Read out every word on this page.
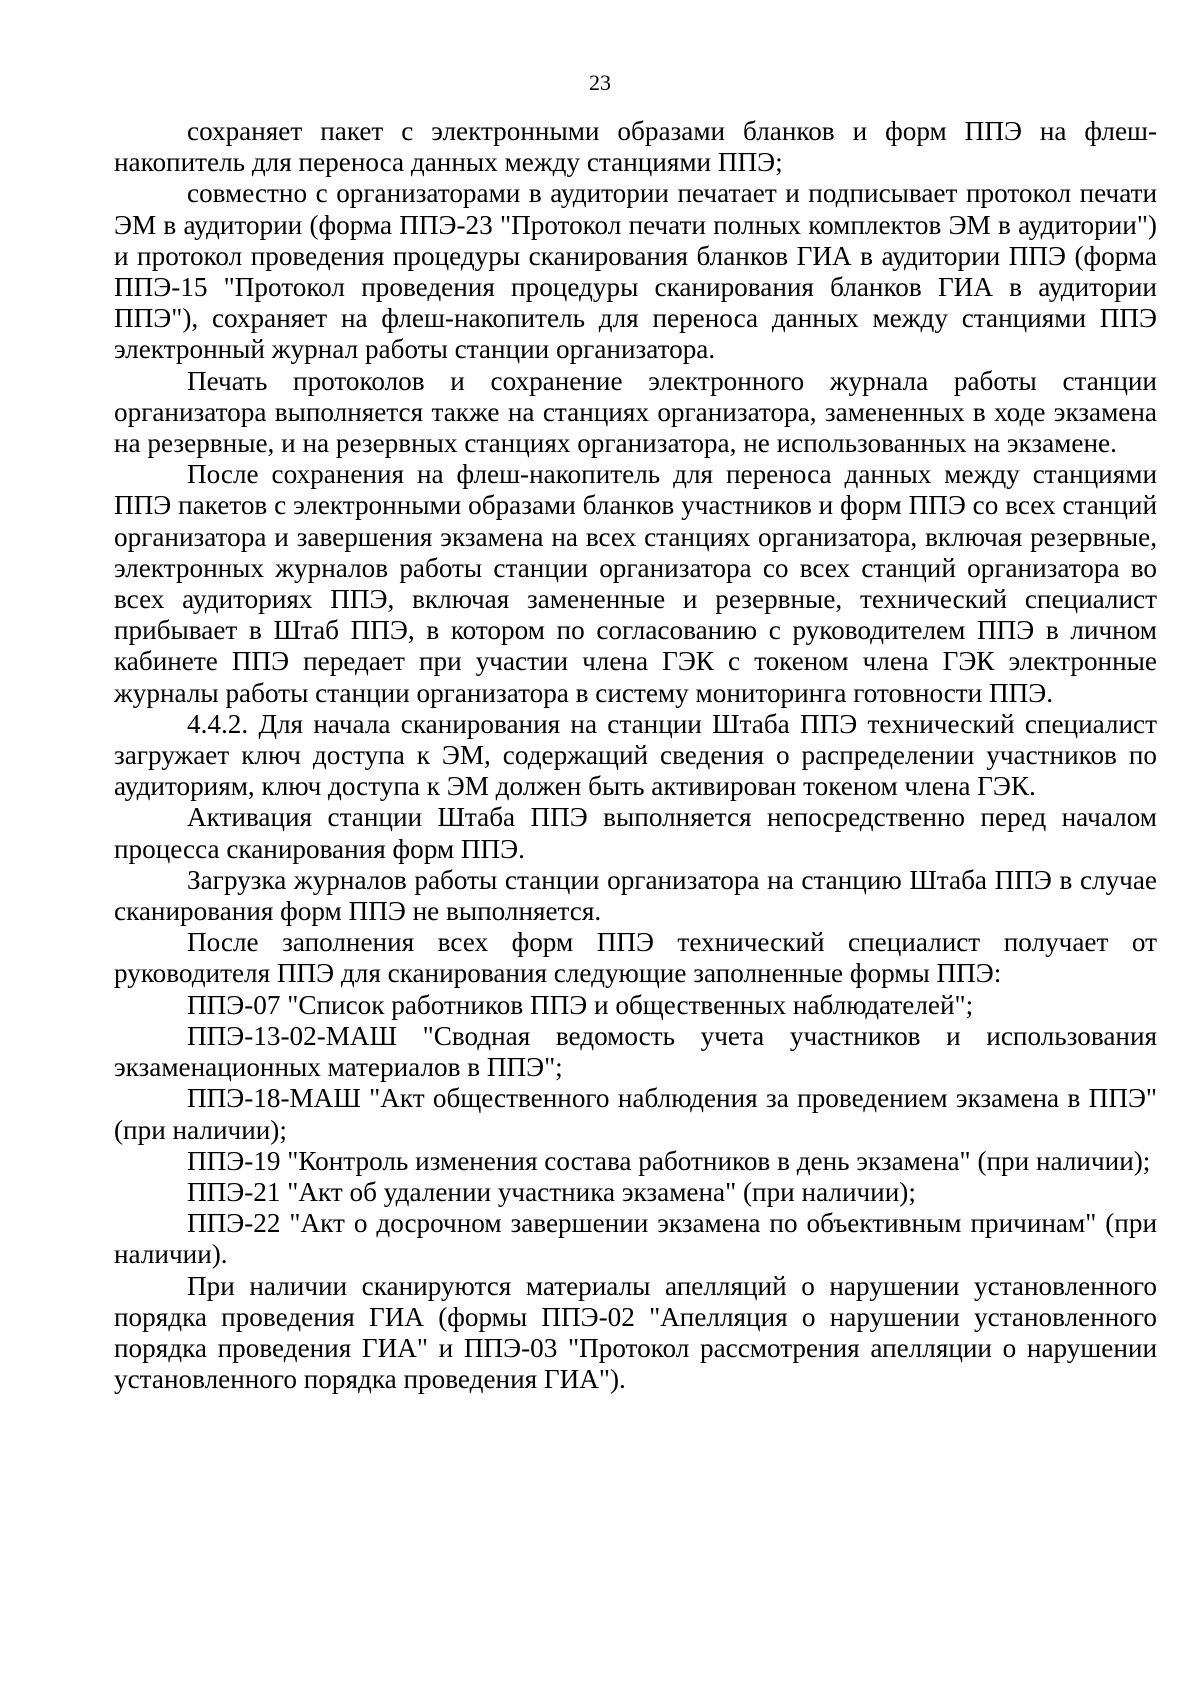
23

сохраняет пакет с электронными образами бланков и форм ППЭ на флеш-накопитель для переноса данных между станциями ППЭ;

совместно с организаторами в аудитории печатает и подписывает протокол печати ЭМ в аудитории (форма ППЭ-23 "Протокол печати полных комплектов ЭМ в аудитории") и протокол проведения процедуры сканирования бланков ГИА в аудитории ППЭ (форма ППЭ-15 "Протокол проведения процедуры сканирования бланков ГИА в аудитории ППЭ"), сохраняет на флеш-накопитель для переноса данных между станциями ППЭ электронный журнал работы станции организатора.

Печать протоколов и сохранение электронного журнала работы станции организатора выполняется также на станциях организатора, замененных в ходе экзамена на резервные, и на резервных станциях организатора, не использованных на экзамене.

После сохранения на флеш-накопитель для переноса данных между станциями ППЭ пакетов с электронными образами бланков участников и форм ППЭ со всех станций организатора и завершения экзамена на всех станциях организатора, включая резервные, электронных журналов работы станции организатора со всех станций организатора во всех аудиториях ППЭ, включая замененные и резервные, технический специалист прибывает в Штаб ППЭ, в котором по согласованию с руководителем ППЭ в личном кабинете ППЭ передает при участии члена ГЭК с токеном члена ГЭК электронные журналы работы станции организатора в систему мониторинга готовности ППЭ.

4.4.2. Для начала сканирования на станции Штаба ППЭ технический специалист загружает ключ доступа к ЭМ, содержащий сведения о распределении участников по аудиториям, ключ доступа к ЭМ должен быть активирован токеном члена ГЭК.

Активация станции Штаба ППЭ выполняется непосредственно перед началом процесса сканирования форм ППЭ.

Загрузка журналов работы станции организатора на станцию Штаба ППЭ в случае сканирования форм ППЭ не выполняется.

После заполнения всех форм ППЭ технический специалист получает от руководителя ППЭ для сканирования следующие заполненные формы ППЭ:

ППЭ-07 "Список работников ППЭ и общественных наблюдателей";

ППЭ-13-02-МАШ "Сводная ведомость учета участников и использования экзаменационных материалов в ППЭ";

ППЭ-18-МАШ "Акт общественного наблюдения за проведением экзамена в ППЭ" (при наличии);

ППЭ-19 "Контроль изменения состава работников в день экзамена" (при наличии);

ППЭ-21 "Акт об удалении участника экзамена" (при наличии);

ППЭ-22 "Акт о досрочном завершении экзамена по объективным причинам" (при наличии).

При наличии сканируются материалы апелляций о нарушении установленного порядка проведения ГИА (формы ППЭ-02 "Апелляция о нарушении установленного порядка проведения ГИА" и ППЭ-03 "Протокол рассмотрения апелляции о нарушении установленного порядка проведения ГИА").
